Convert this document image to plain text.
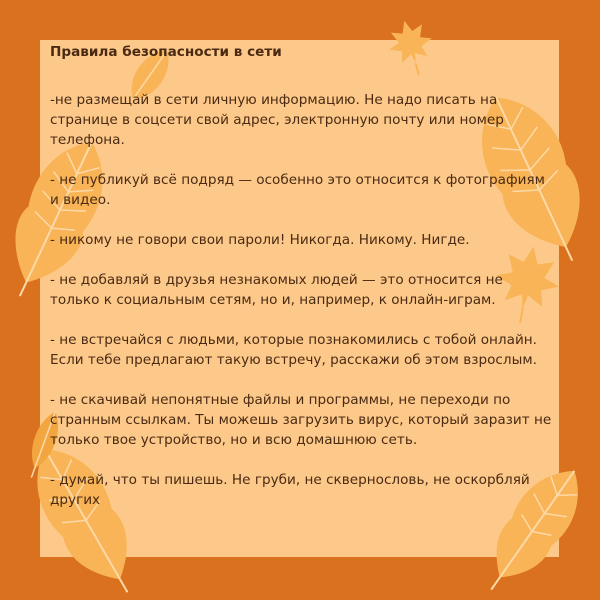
Правила безопасности в сети

-не размещай в сети личную информацию. Не надо писать на странице в соцсети свой адрес, электронную почту или номер телефона.

- не публикуй всё подряд — особенно это относится к фотографиям и видео.

- никому не говори свои пароли! Никогда. Никому. Нигде.

- не добавляй в друзья незнакомых людей — это относится не только к социальным сетям, но и, например, к онлайн-играм.

- не встречайся с людьми, которые познакомились с тобой онлайн. Если тебе предлагают такую встречу, расскажи об этом взрослым.

- не скачивай непонятные файлы и программы, не переходи по странным ссылкам. Ты можешь загрузить вирус, который заразит не только твое устройство, но и всю домашнюю сеть.

- думай, что ты пишешь. Не груби, не сквернословь, не оскорбляй других
